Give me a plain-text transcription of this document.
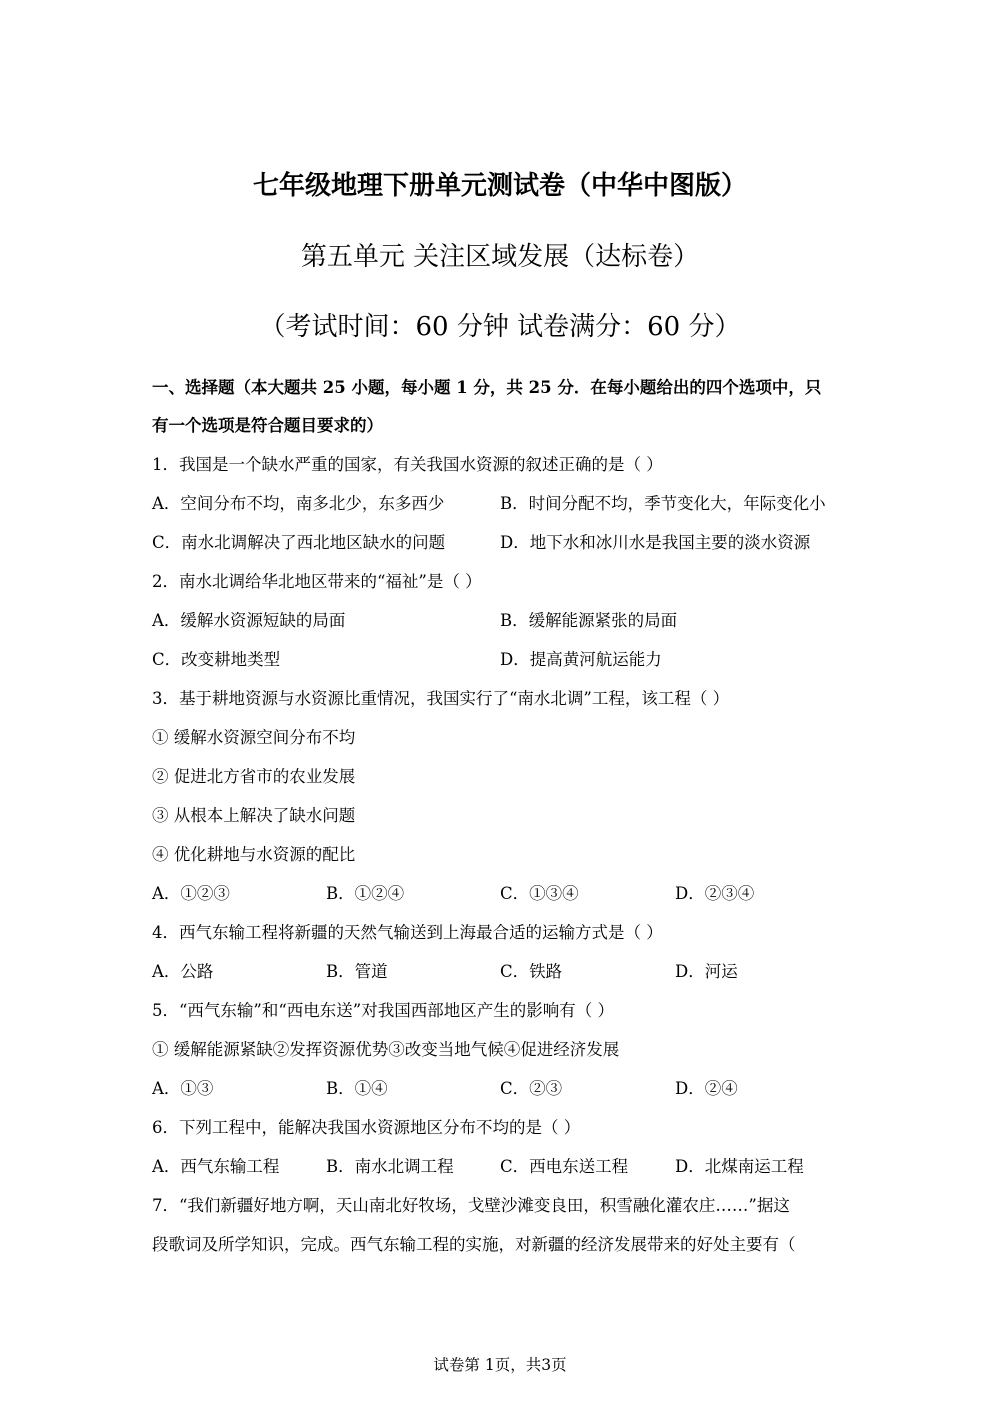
七年级地理下册单元测试卷（中华中图版）
第五单元 关注区域发展（达标卷）
（考试时间：60 分钟 试卷满分：60 分）
一、选择题（本大题共 25 小题，每小题 1 分，共 25 分．在每小题给出的四个选项中，只
有一个选项是符合题目要求的）
1．我国是一个缺水严重的国家，有关我国水资源的叙述正确的是（ ）
A．空间分布不均，南多北少，东多西少	B．时间分配不均，季节变化大，年际变化小
C．南水北调解决了西北地区缺水的问题	D．地下水和冰川水是我国主要的淡水资源
2．南水北调给华北地区带来的“福祉”是（ ）
A．缓解水资源短缺的局面	B．缓解能源紧张的局面
C．改变耕地类型	D．提高黄河航运能力
3．基于耕地资源与水资源比重情况，我国实行了“南水北调”工程，该工程（ ）
① 缓解水资源空间分布不均
② 促进北方省市的农业发展
③ 从根本上解决了缺水问题
④ 优化耕地与水资源的配比
A．①②③	B．①②④	C．①③④	D．②③④
4．西气东输工程将新疆的天然气输送到上海最合适的运输方式是（ ）
A．公路	B．管道	C．铁路	D．河运
5．“西气东输”和“西电东送”对我国西部地区产生的影响有（ ）
① 缓解能源紧缺②发挥资源优势③改变当地气候④促进经济发展
A．①③	B．①④	C．②③	D．②④
6．下列工程中，能解决我国水资源地区分布不均的是（ ）
A．西气东输工程	B．南水北调工程	C．西电东送工程	D．北煤南运工程
7．“我们新疆好地方啊，天山南北好牧场，戈壁沙滩变良田，积雪融化灌农庄……”据这
段歌词及所学知识，完成。西气东输工程的实施，对新疆的经济发展带来的好处主要有（
试卷第 1页，共3页
